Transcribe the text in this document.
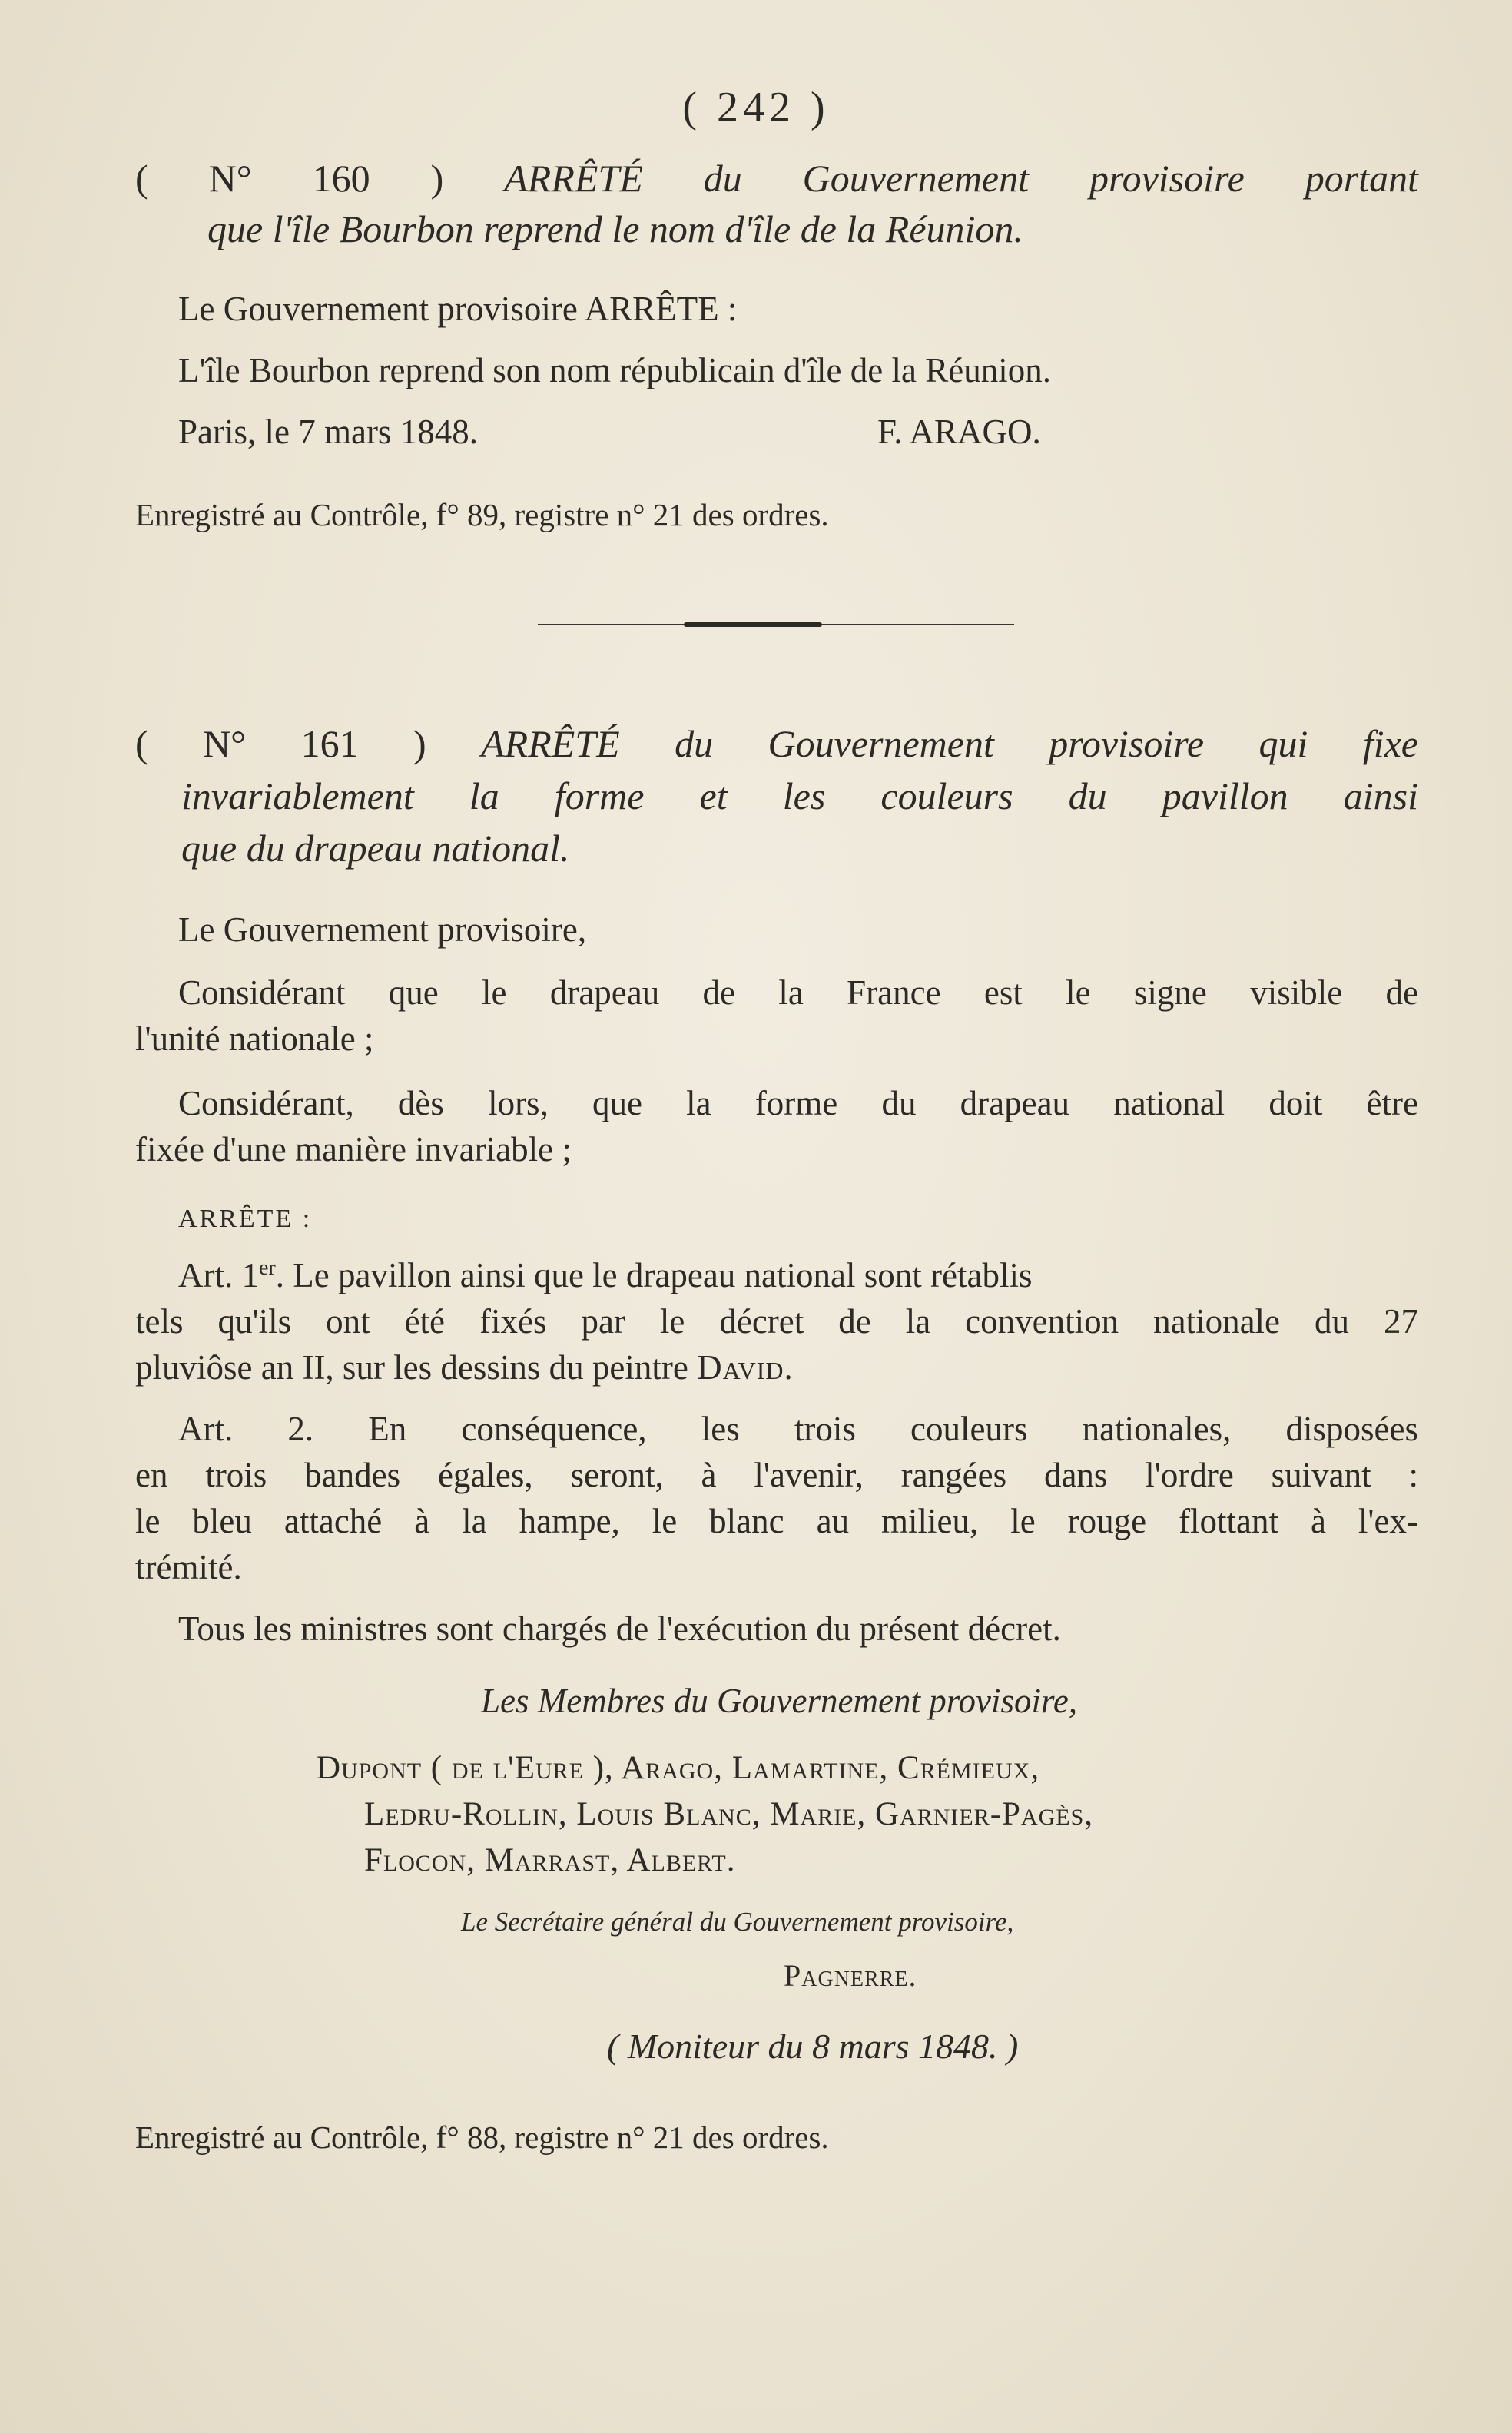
( 242 )
( N° 160 ) ARRÊTÉ du Gouvernement provisoire portant
que l'île Bourbon reprend le nom d'île de la Réunion.
Le Gouvernement provisoire ARRÊTE :
L'île Bourbon reprend son nom républicain d'île de la Réunion.
Paris, le 7 mars 1848.	F. ARAGO.
Enregistré au Contrôle, f° 89, registre n° 21 des ordres.
( N° 161 ) ARRÊTÉ du Gouvernement provisoire qui fixe
invariablement la forme et les couleurs du pavillon ainsi
que du drapeau national.
Le Gouvernement provisoire,
Considérant que le drapeau de la France est le signe visible de
l'unité nationale ;
Considérant, dès lors, que la forme du drapeau national doit être
fixée d'une manière invariable ;
ARRÊTE :
Art. 1er. Le pavillon ainsi que le drapeau national sont rétablis
tels qu'ils ont été fixés par le décret de la convention nationale du 27
pluviôse an II, sur les dessins du peintre David.
Art. 2. En conséquence, les trois couleurs nationales, disposées
en trois bandes égales, seront, à l'avenir, rangées dans l'ordre suivant :
le bleu attaché à la hampe, le blanc au milieu, le rouge flottant à l'ex-
trémité.
Tous les ministres sont chargés de l'exécution du présent décret.
Les Membres du Gouvernement provisoire,
Dupont ( de l'Eure ), Arago, Lamartine, Crémieux,
Ledru-Rollin, Louis Blanc, Marie, Garnier-Pagès,
Flocon, Marrast, Albert.
Le Secrétaire général du Gouvernement provisoire,
Pagnerre.
( Moniteur du 8 mars 1848. )
Enregistré au Contrôle, f° 88, registre n° 21 des ordres.
